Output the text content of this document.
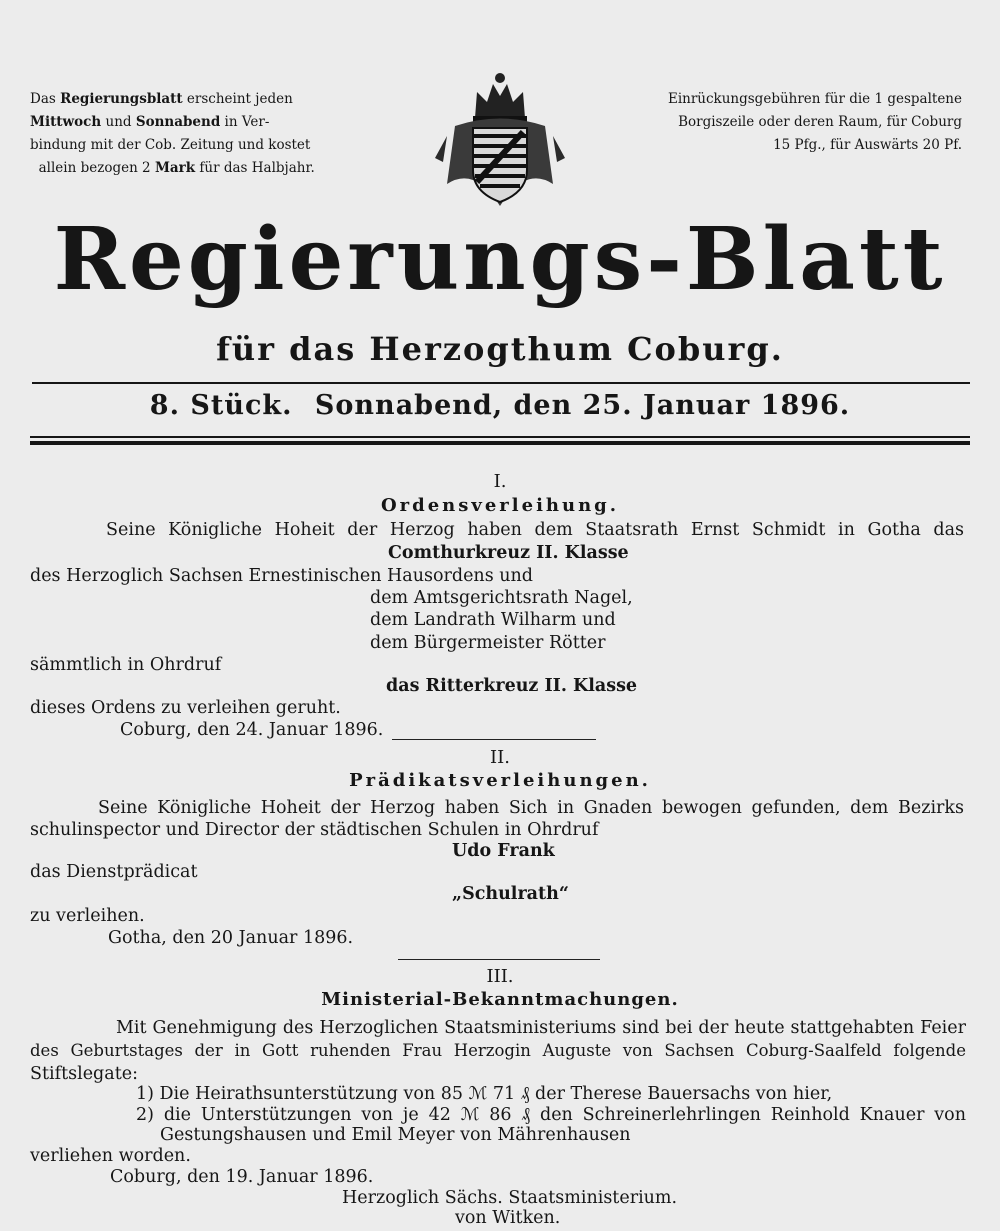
Das Regierungsblatt erscheint jeden
Mittwoch und Sonnabend in Ver-
bindung mit der Cob. Zeitung und kostet
allein bezogen 2 Mark für das Halbjahr.
Einrückungsgebühren für die 1 gespaltene
Borgiszeile oder deren Raum, für Coburg
15 Pfg., für Auswärts 20 Pf.
Regierungs-Blatt
für das Herzogthum Coburg.
8. Stück. Sonnabend, den 25. Januar 1896.
I.
Ordensverleihung.
Seine Königliche Hoheit der Herzog haben dem Staatsrath Ernst Schmidt in Gotha das
Comthurkreuz II. Klasse
des Herzoglich Sachsen Ernestinischen Hausordens und
dem Amtsgerichtsrath Nagel,
dem Landrath Wilharm und
dem Bürgermeister Rötter
sämmtlich in Ohrdruf
das Ritterkreuz II. Klasse
dieses Ordens zu verleihen geruht.
Coburg, den 24. Januar 1896.
II.
Prädikatsverleihungen.
Seine Königliche Hoheit der Herzog haben Sich in Gnaden bewogen gefunden, dem Bezirks
schulinspector und Director der städtischen Schulen in Ohrdruf
Udo Frank
das Dienstprädicat
„Schulrath“
zu verleihen.
Gotha, den 20 Januar 1896.
III.
Ministerial-Bekanntmachungen.
Mit Genehmigung des Herzoglichen Staatsministeriums sind bei der heute stattgehabten Feier
des Geburtstages der in Gott ruhenden Frau Herzogin Auguste von Sachsen Coburg-Saalfeld folgende
Stiftslegate:
1) Die Heirathsunterstützung von 85 ℳ 71 ₰ der Therese Bauersachs von hier,
2) die Unterstützungen von je 42 ℳ 86 ₰ den Schreinerlehrlingen Reinhold Knauer von
Gestungshausen und Emil Meyer von Mährenhausen
verliehen worden.
Coburg, den 19. Januar 1896.
Herzoglich Sächs. Staatsministerium.
von Witken.
